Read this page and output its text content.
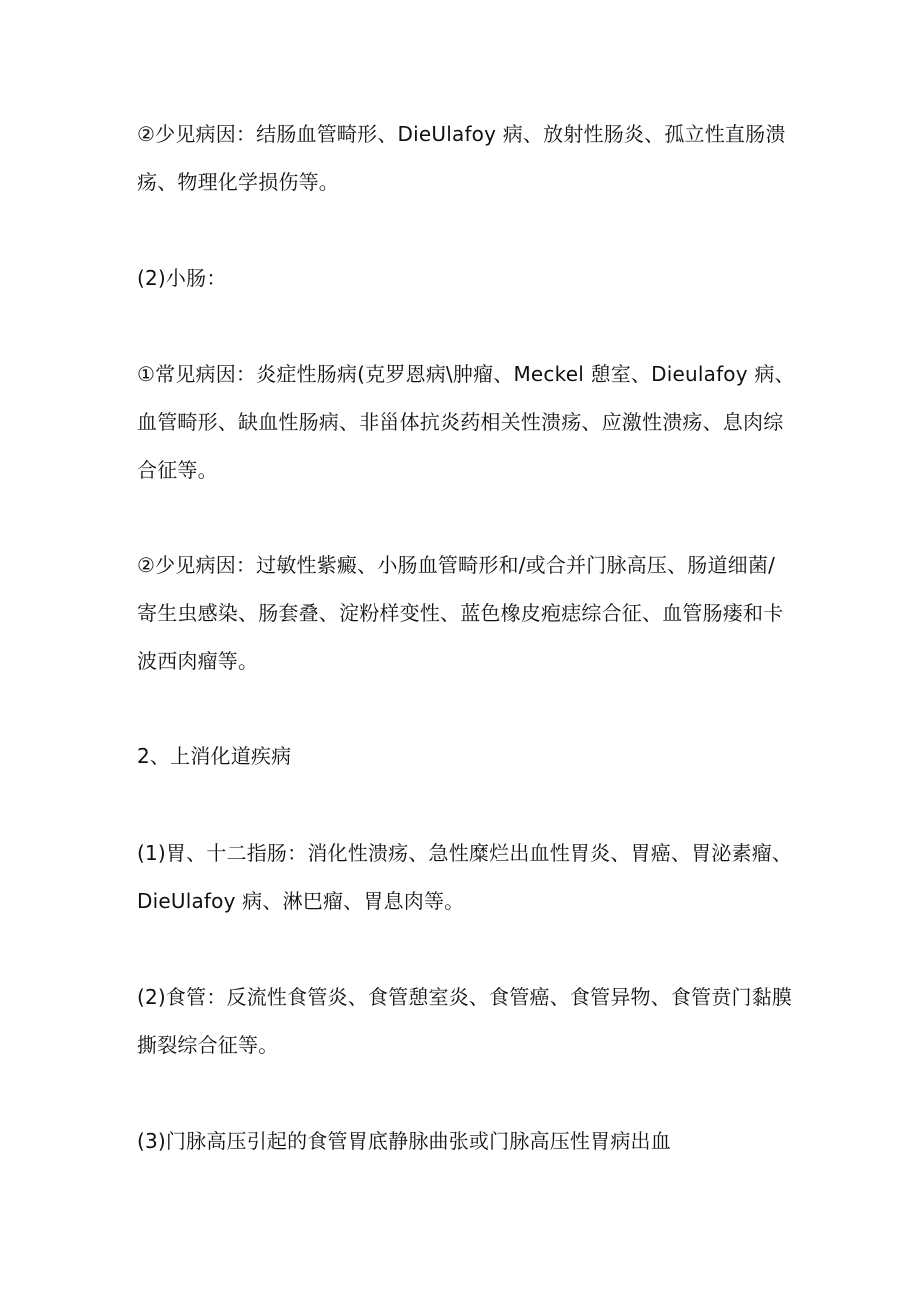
②少见病因：结肠血管畸形、DieUlafoy 病、放射性肠炎、孤立性直肠溃
疡、物理化学损伤等。

(2)小肠：

①常见病因：炎症性肠病(克罗恩病\肿瘤、Meckel 憩室、Dieulafoy 病、
血管畸形、缺血性肠病、非甾体抗炎药相关性溃疡、应激性溃疡、息肉综
合征等。

②少见病因：过敏性紫癜、小肠血管畸形和/或合并门脉高压、肠道细菌/
寄生虫感染、肠套叠、淀粉样变性、蓝色橡皮疱痣综合征、血管肠瘘和卡
波西肉瘤等。

2、上消化道疾病

(1)胃、十二指肠：消化性溃疡、急性糜烂出血性胃炎、胃癌、胃泌素瘤、
DieUlafoy 病、淋巴瘤、胃息肉等。

(2)食管：反流性食管炎、食管憩室炎、食管癌、食管异物、食管贲门黏膜
撕裂综合征等。

(3)门脉高压引起的食管胃底静脉曲张或门脉高压性胃病出血
